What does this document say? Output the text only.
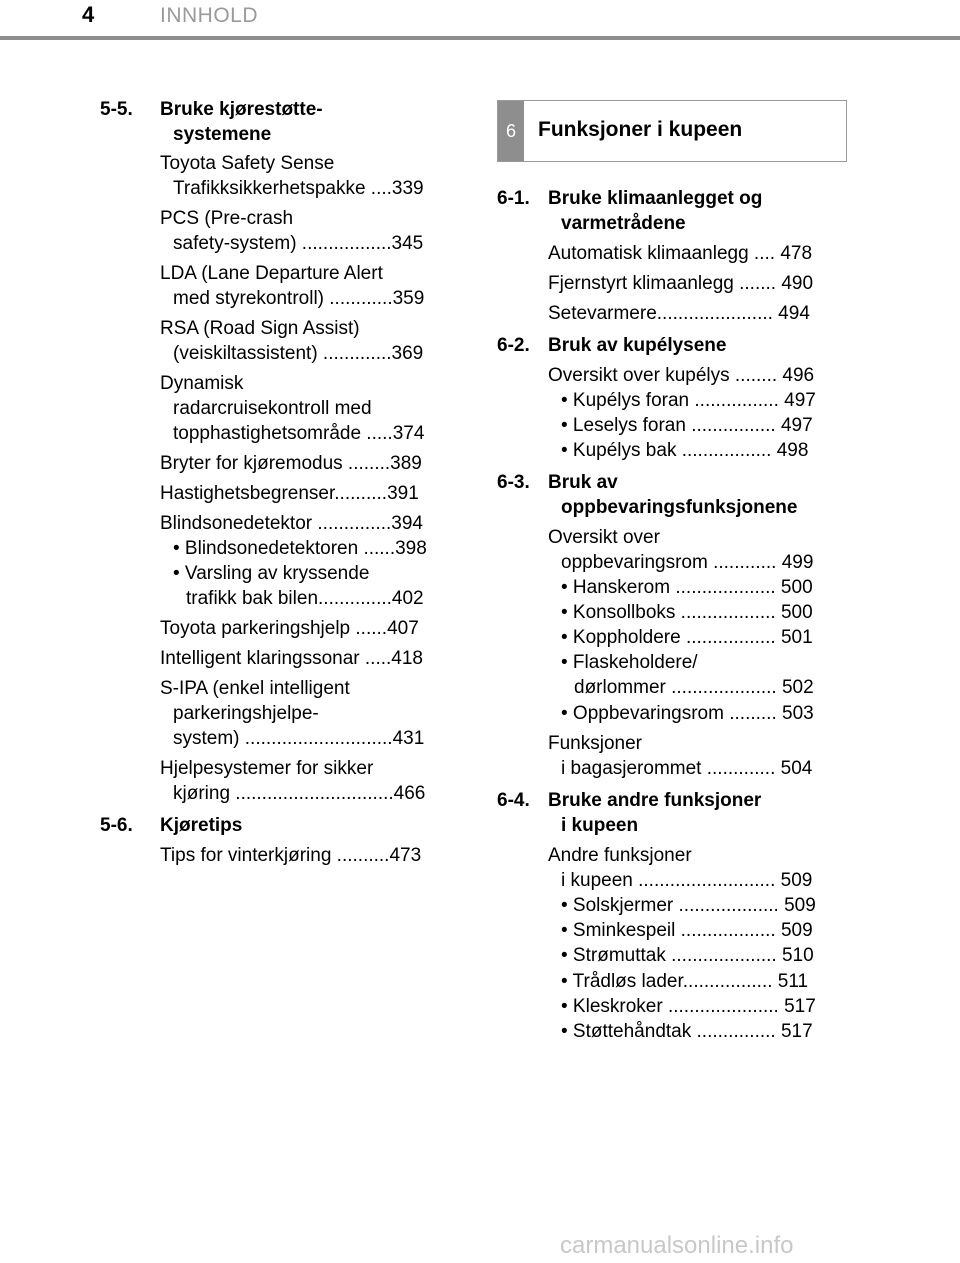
4	INNHOLD
5-5. Bruke kjørestøtte-
systemene
Toyota Safety Sense
Trafikksikkerhetspakke ....339
PCS (Pre-crash
safety-system) .................345
LDA (Lane Departure Alert
med styrekontroll) ............359
RSA (Road Sign Assist)
(veiskiltassistent) .............369
Dynamisk
radarcruisekontroll med
topphastighetsområde .....374
Bryter for kjøremodus ........389
Hastighetsbegrenser..........391
Blindsonedetektor ..............394
• Blindsonedetektoren ......398
• Varsling av kryssende
trafikk bak bilen..............402
Toyota parkeringshjelp ......407
Intelligent klaringssonar .....418
S-IPA (enkel intelligent
parkeringshjelpe-
system) ............................431
Hjelpesystemer for sikker
kjøring ..............................466
5-6. Kjøretips
Tips for vinterkjøring ..........473
6	Funksjoner i kupeen
6-1. Bruke klimaanlegget og
varmetrådene
Automatisk klimaanlegg .... 478
Fjernstyrt klimaanlegg ....... 490
Setevarmere...................... 494
6-2. Bruk av kupélysene
Oversikt over kupélys ........ 496
• Kupélys foran ................ 497
• Leselys foran ................ 497
• Kupélys bak ................. 498
6-3. Bruk av
oppbevaringsfunksjonene
Oversikt over
oppbevaringsrom ............ 499
• Hanskerom ................... 500
• Konsollboks .................. 500
• Koppholdere ................. 501
• Flaskeholdere/
dørlommer .................... 502
• Oppbevaringsrom ......... 503
Funksjoner
i bagasjerommet ............. 504
6-4. Bruke andre funksjoner
i kupeen
Andre funksjoner
i kupeen .......................... 509
• Solskjermer ................... 509
• Sminkespeil .................. 509
• Strømuttak .................... 510
• Trådløs lader................. 511
• Kleskroker ..................... 517
• Støttehåndtak ............... 517
carmanualsonline.info
